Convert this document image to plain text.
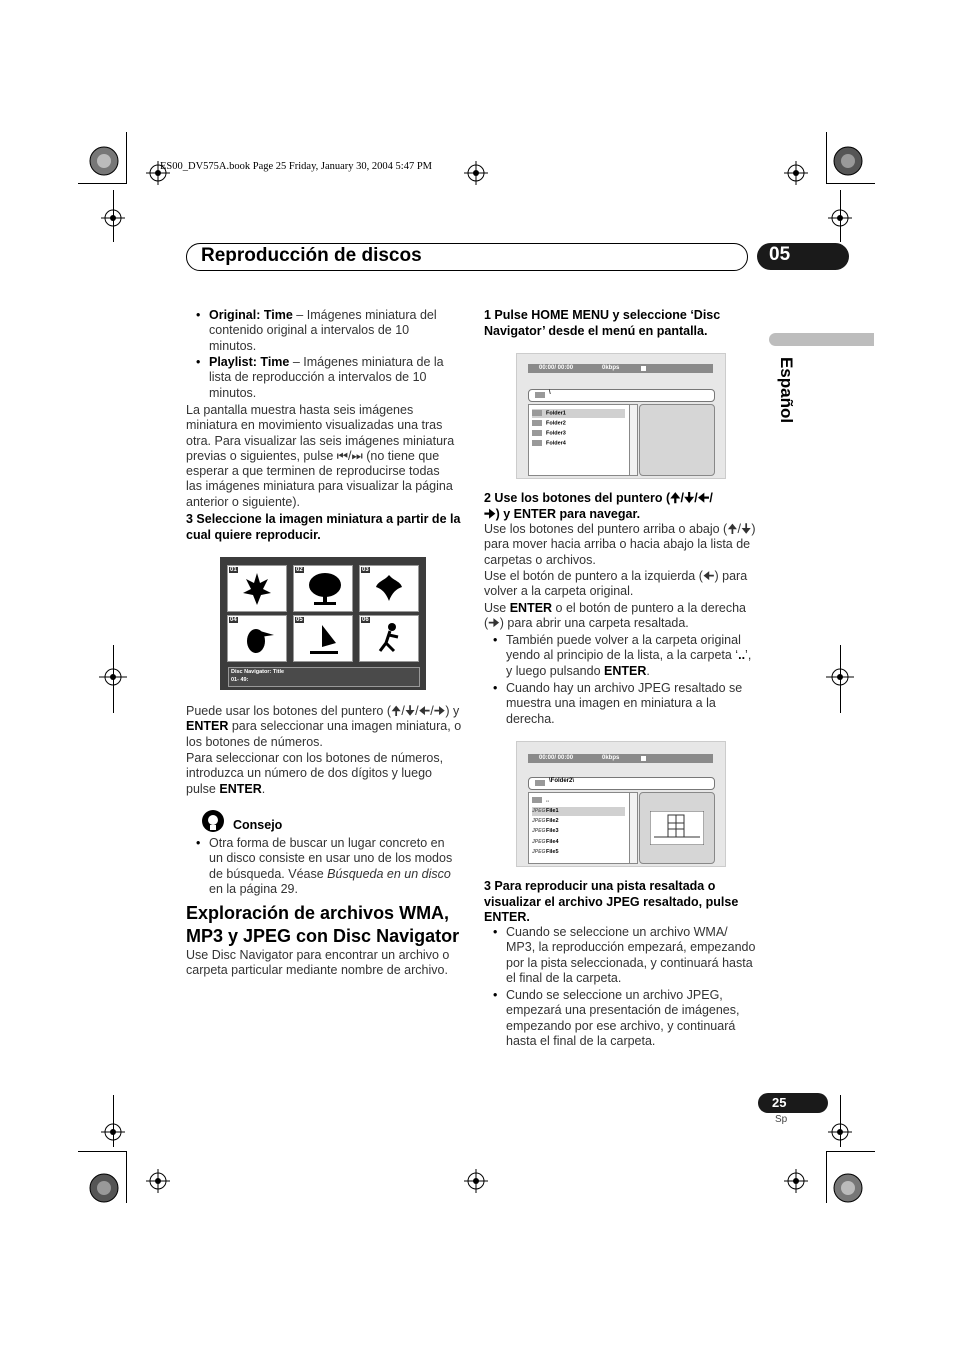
ES00_DV575A.book Page 25 Friday, January 30, 2004 5:47 PM
Reproducción de discos	05
Español
• Original: Time – Imágenes miniatura del contenido original a intervalos de 10 minutos.
• Playlist: Time – Imágenes miniatura de la lista de reproducción a intervalos de 10 minutos.
La pantalla muestra hasta seis imágenes miniatura en movimiento visualizadas una tras otra. Para visualizar las seis imágenes miniatura previas o siguientes, pulse ⏮/⏭ (no tiene que esperar a que terminen de reproducirse todas las imágenes miniatura para visualizar la página anterior o siguiente).
3 Seleccione la imagen miniatura a partir de la cual quiere reproducir.
01	02	03
04	05	06
Disc Navigator: Title
01- 49:
Puede usar los botones del puntero (🠉/🠋/🠈/🠊) y ENTER para seleccionar una imagen miniatura, o los botones de números.
Para seleccionar con los botones de números, introduzca un número de dos dígitos y luego pulse ENTER.
Consejo
• Otra forma de buscar un lugar concreto en un disco consiste en usar uno de los modos de búsqueda. Véase Búsqueda en un disco en la página 29.
Exploración de archivos WMA,
MP3 y JPEG con Disc Navigator
Use Disc Navigator para encontrar un archivo o carpeta particular mediante nombre de archivo.
1 Pulse HOME MENU y seleccione ‘Disc Navigator’ desde el menú en pantalla.
00:00/ 00:00	0kbps
\
Folder1
Folder2
Folder3
Folder4
2 Use los botones del puntero (🠉/🠋/🠈/
🠊) y ENTER para navegar.
Use los botones del puntero arriba o abajo (🠉/🠋) para mover hacia arriba o hacia abajo la lista de carpetas o archivos.
Use el botón de puntero a la izquierda (🠈) para volver a la carpeta original.
Use ENTER o el botón de puntero a la derecha (🠊) para abrir una carpeta resaltada.
• También puede volver a la carpeta original yendo al principio de la lista, a la carpeta ‘..’, y luego pulsando ENTER.
• Cuando hay un archivo JPEG resaltado se muestra una imagen en miniatura a la derecha.
00:00/ 00:00	0kbps
\Folder2\
..
JPEGFile1
JPEGFile2
JPEGFile3
JPEGFile4
JPEGFile5
3 Para reproducir una pista resaltada o visualizar el archivo JPEG resaltado, pulse ENTER.
• Cuando se seleccione un archivo WMA/ MP3, la reproducción empezará, empezando por la pista seleccionada, y continuará hasta el final de la carpeta.
• Cundo se seleccione un archivo JPEG, empezará una presentación de imágenes, empezando por ese archivo, y continuará hasta el final de la carpeta.
25
Sp
